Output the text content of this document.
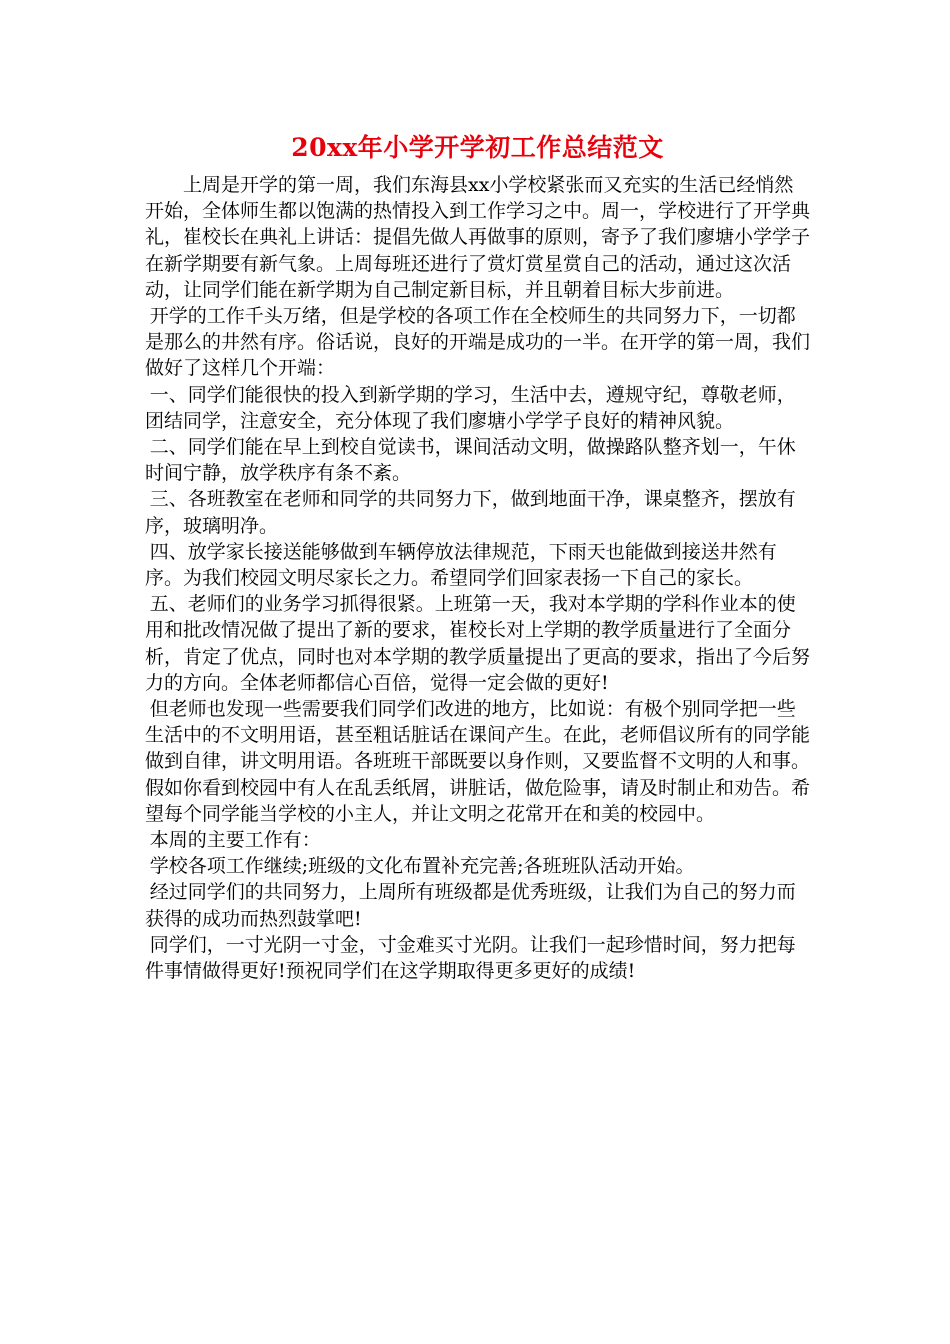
20xx年小学开学初工作总结范文

上周是开学的第一周，我们东海县xx小学校紧张而又充实的生活已经悄然开始，全体师生都以饱满的热情投入到工作学习之中。周一，学校进行了开学典礼，崔校长在典礼上讲话：提倡先做人再做事的原则，寄予了我们廖塘小学学子在新学期要有新气象。上周每班还进行了赏灯赏星赏自己的活动，通过这次活动，让同学们能在新学期为自己制定新目标，并且朝着目标大步前进。

开学的工作千头万绪，但是学校的各项工作在全校师生的共同努力下，一切都是那么的井然有序。俗话说，良好的开端是成功的一半。在开学的第一周，我们做好了这样几个开端：

一、同学们能很快的投入到新学期的学习，生活中去，遵规守纪，尊敬老师，团结同学，注意安全，充分体现了我们廖塘小学学子良好的精神风貌。

二、同学们能在早上到校自觉读书，课间活动文明，做操路队整齐划一，午休时间宁静，放学秩序有条不紊。

三、各班教室在老师和同学的共同努力下，做到地面干净，课桌整齐，摆放有序，玻璃明净。

四、放学家长接送能够做到车辆停放法律规范，下雨天也能做到接送井然有序。为我们校园文明尽家长之力。希望同学们回家表扬一下自己的家长。

五、老师们的业务学习抓得很紧。上班第一天，我对本学期的学科作业本的使用和批改情况做了提出了新的要求，崔校长对上学期的教学质量进行了全面分析，肯定了优点，同时也对本学期的教学质量提出了更高的要求，指出了今后努力的方向。全体老师都信心百倍，觉得一定会做的更好!

但老师也发现一些需要我们同学们改进的地方，比如说：有极个别同学把一些生活中的不文明用语，甚至粗话脏话在课间产生。在此，老师倡议所有的同学能做到自律，讲文明用语。各班班干部既要以身作则，又要监督不文明的人和事。假如你看到校园中有人在乱丢纸屑，讲脏话，做危险事，请及时制止和劝告。希望每个同学能当学校的小主人，并让文明之花常开在和美的校园中。

本周的主要工作有：

学校各项工作继续;班级的文化布置补充完善;各班班队活动开始。

经过同学们的共同努力，上周所有班级都是优秀班级，让我们为自己的努力而获得的成功而热烈鼓掌吧!

同学们，一寸光阴一寸金，寸金难买寸光阴。让我们一起珍惜时间，努力把每件事情做得更好!预祝同学们在这学期取得更多更好的成绩!
